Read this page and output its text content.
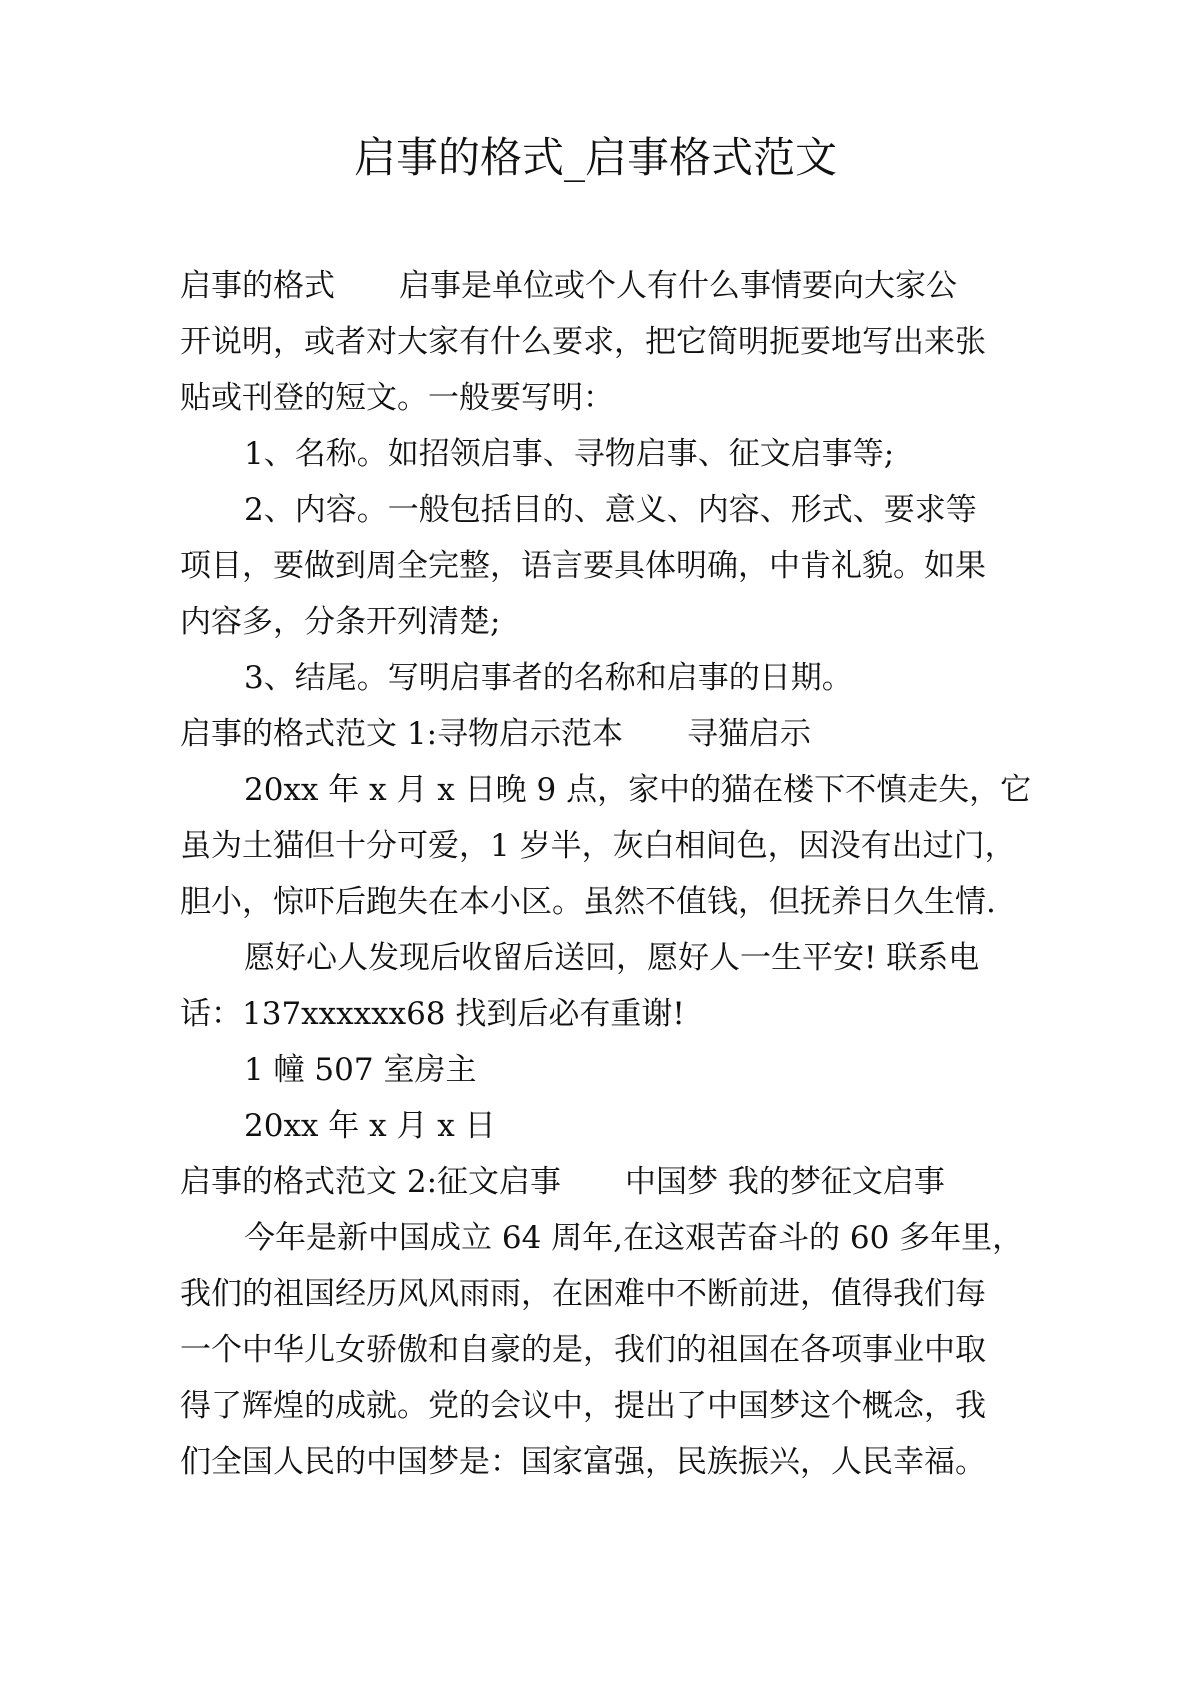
启事的格式_启事格式范文
启事的格式 启事是单位或个人有什么事情要向大家公
开说明，或者对大家有什么要求，把它简明扼要地写出来张
贴或刊登的短文。一般要写明：
1、名称。如招领启事、寻物启事、征文启事等;
2、内容。一般包括目的、意义、内容、形式、要求等
项目，要做到周全完整，语言要具体明确，中肯礼貌。如果
内容多，分条开列清楚;
3、结尾。写明启事者的名称和启事的日期。
启事的格式范文 1:寻物启示范本 寻猫启示
20xx 年 x 月 x 日晚 9 点，家中的猫在楼下不慎走失，它
虽为土猫但十分可爱，1 岁半，灰白相间色，因没有出过门，
胆小，惊吓后跑失在本小区。虽然不值钱，但抚养日久生情.
愿好心人发现后收留后送回，愿好人一生平安! 联系电
话：137xxxxxx68 找到后必有重谢!
1 幢 507 室房主
20xx 年 x 月 x 日
启事的格式范文 2:征文启事 中国梦 我的梦征文启事
今年是新中国成立 64 周年,在这艰苦奋斗的 60 多年里，
我们的祖国经历风风雨雨，在困难中不断前进，值得我们每
一个中华儿女骄傲和自豪的是，我们的祖国在各项事业中取
得了辉煌的成就。党的会议中，提出了中国梦这个概念，我
们全国人民的中国梦是：国家富强，民族振兴，人民幸福。
